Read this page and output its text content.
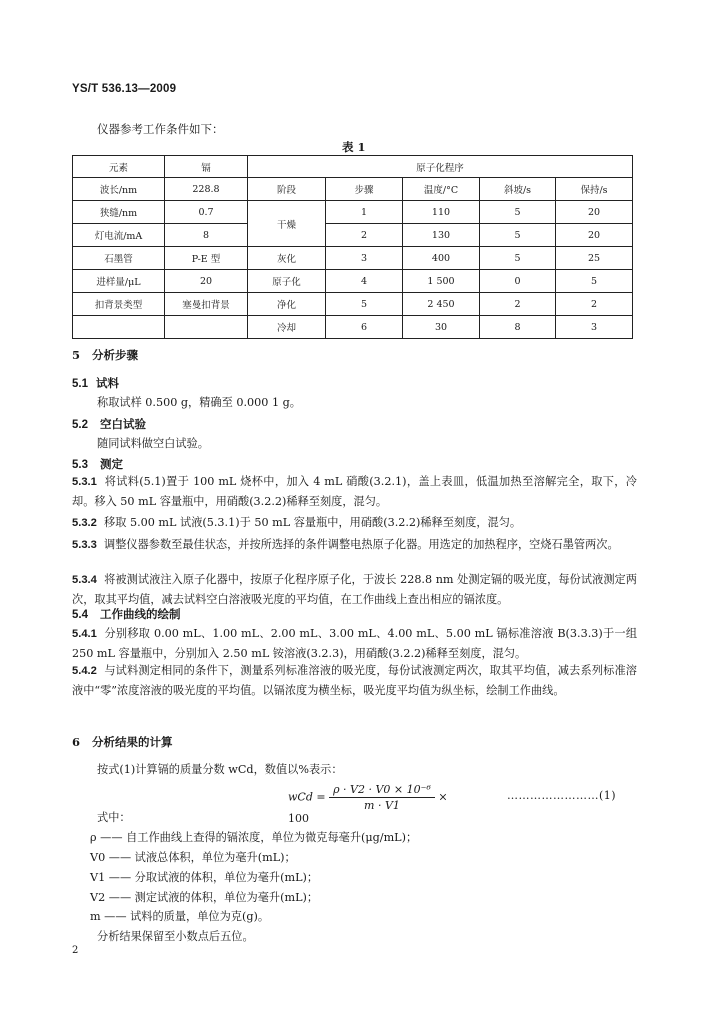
YS/T 536.13—2009
仪器参考工作条件如下：
表 1
元素	镉	原子化程序				
波长/nm	228.8	阶段	步骤	温度/°C	斜坡/s	保持/s
狭缝/nm	0.7	干燥	1	110	5	20
灯电流/mA	8		2	130	5	20
石墨管	P-E 型	灰化	3	400	5	25
进样量/μL	20	原子化	4	1 500	0	5
扣背景类型	塞曼扣背景	净化	5	2 450	2	2
		冷却	6	30	8	3
5 分析步骤
5.1 试料
称取试样 0.500 g，精确至 0.000 1 g。
5.2 空白试验
随同试料做空白试验。
5.3 测定
5.3.1 将试料(5.1)置于 100 mL 烧杯中，加入 4 mL 硝酸(3.2.1)，盖上表皿，低温加热至溶解完全，取下，冷却。移入 50 mL 容量瓶中，用硝酸(3.2.2)稀释至刻度，混匀。
5.3.2 移取 5.00 mL 试液(5.3.1)于 50 mL 容量瓶中，用硝酸(3.2.2)稀释至刻度，混匀。
5.3.3 调整仪器参数至最佳状态，并按所选择的条件调整电热原子化器。用选定的加热程序，空烧石墨管两次。
5.3.4 将被测试液注入原子化器中，按原子化程序原子化，于波长 228.8 nm 处测定镉的吸光度，每份试液测定两次，取其平均值，减去试料空白溶液吸光度的平均值，在工作曲线上查出相应的镉浓度。
5.4 工作曲线的绘制
5.4.1 分别移取 0.00 mL、1.00 mL、2.00 mL、3.00 mL、4.00 mL、5.00 mL 镉标准溶液 B(3.3.3)于一组 250 mL 容量瓶中，分别加入 2.50 mL 铵溶液(3.2.3)，用硝酸(3.2.2)稀释至刻度，混匀。
5.4.2 与试料测定相同的条件下，测量系列标准溶液的吸光度，每份试液测定两次，取其平均值，减去系列标准溶液中“零”浓度溶液的吸光度的平均值。以镉浓度为横坐标，吸光度平均值为纵坐标，绘制工作曲线。
6 分析结果的计算
按式(1)计算镉的质量分数 wCd，数值以%表示：
wCd = $\frac{\text{ρ · V2 · V0 × 10⁻⁶}}{m \cdot V1} \times 100$
……………………(1)
式中：
ρ —— 自工作曲线上查得的镉浓度，单位为微克每毫升(μg/mL)；
V0 —— 试液总体积，单位为毫升(mL)；
V1 —— 分取试液的体积，单位为毫升(mL)；
V2 —— 测定试液的体积，单位为毫升(mL)；
m —— 试料的质量，单位为克(g)。
分析结果保留至小数点后五位。
2
